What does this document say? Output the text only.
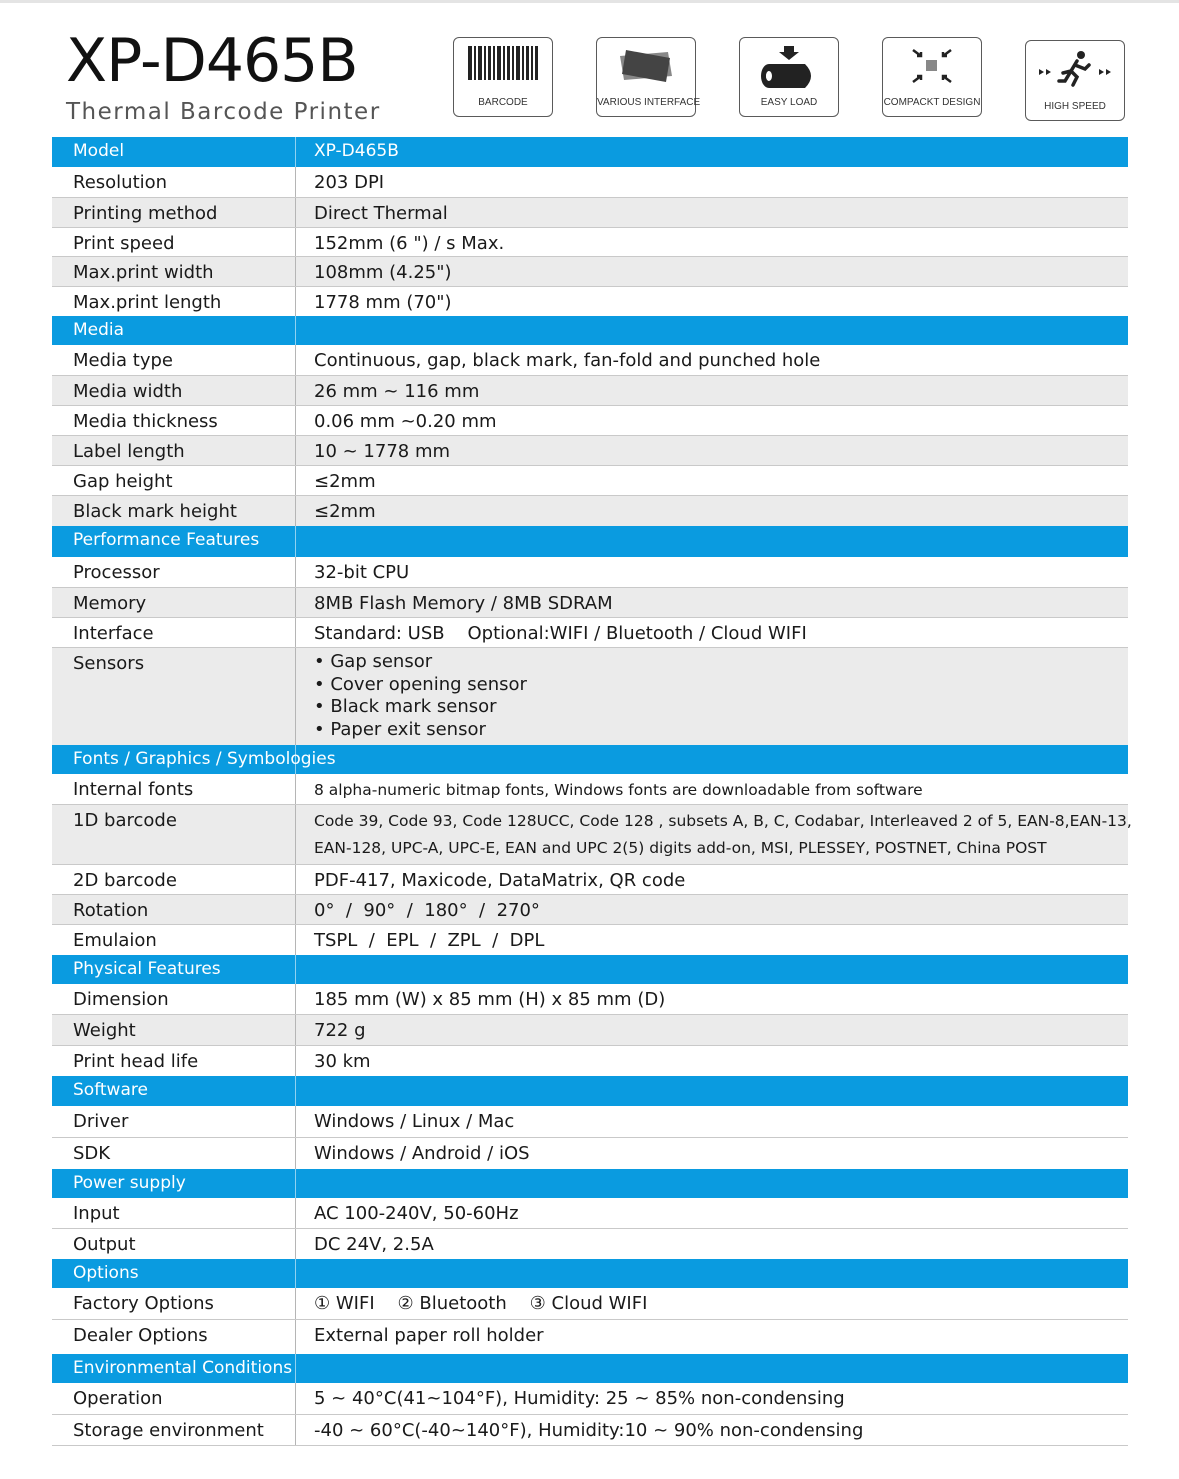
XP-D465B
Thermal Barcode Printer	BARCODE	VARIOUS INTERFACE	EASY LOAD	COMPACKT DESIGN	HIGH SPEED
Model	XP-D465B
Resolution	203 DPI
Printing method	Direct Thermal
Print speed	152mm (6 ") / s Max.
Max.print width	108mm (4.25")
Max.print length	1778 mm (70")
Media
Media type	Continuous, gap, black mark, fan-fold and punched hole
Media width	26 mm ~ 116 mm
Media thickness	0.06 mm ~0.20 mm
Label length	10 ~ 1778 mm
Gap height	≤2mm
Black mark height	≤2mm
Performance Features
Processor	32-bit CPU
Memory	8MB Flash Memory / 8MB SDRAM
Interface	Standard: USB    Optional:WIFI / Bluetooth / Cloud WIFI
Sensors
•	Gap sensor
• Cover opening sensor
• Black mark sensor
• Paper exit sensor
Fonts / Graphics / Symbologies
Internal fonts	8 alpha-numeric bitmap fonts, Windows fonts are downloadable from software
1D barcode	Code 39, Code 93, Code 128UCC, Code 128 , subsets A, B, C, Codabar, Interleaved 2 of 5, EAN-8,EAN-13,
EAN-128, UPC-A, UPC-E, EAN and UPC 2(5) digits add-on, MSI, PLESSEY, POSTNET, China POST
2D barcode	PDF-417, Maxicode, DataMatrix, QR code
Rotation	0°  /  90°  /  180°  /  270°
Emulaion	TSPL  /  EPL  /  ZPL  /  DPL
Physical Features
Dimension	185 mm (W) x 85 mm (H) x 85 mm (D)
Weight	722 g
Print head life	30 km
Software
Driver	Windows / Linux / Mac
SDK	Windows / Android / iOS
Power supply
Input	AC 100-240V, 50-60Hz
Output	DC 24V, 2.5A
Options
Factory Options	① WIFI    ② Bluetooth    ③ Cloud WIFI
Dealer Options	External paper roll holder
Environmental Conditions
Operation	5 ~ 40°C(41~104°F), Humidity: 25 ~ 85% non-condensing
Storage environment	-40 ~ 60°C(-40~140°F), Humidity:10 ~ 90% non-condensing
